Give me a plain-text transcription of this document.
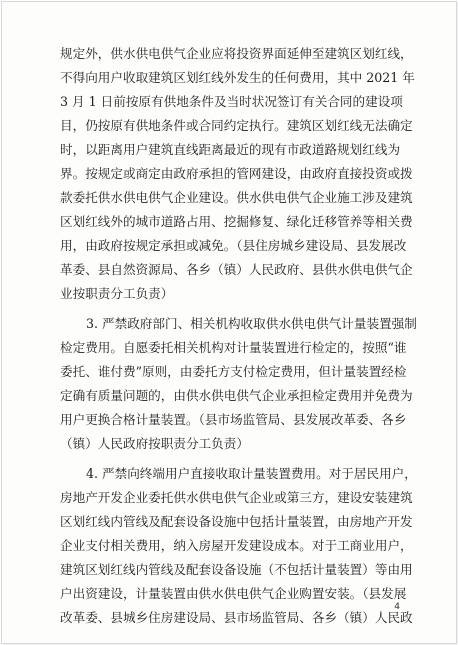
规定外，供水供电供气企业应将投资界面延伸至建筑区划红线，
不得向用户收取建筑区划红线外发生的任何费用，其中 2021 年
3 月 1 日前按原有供地条件及当时状况签订有关合同的建设项
目，仍按原有供地条件或合同约定执行。建筑区划红线无法确定
时，以距离用户建筑直线距离最近的现有市政道路规划红线为
界。按规定或商定由政府承担的管网建设，由政府直接投资或拨
款委托供水供电供气企业建设。供水供电供气企业施工涉及建筑
区划红线外的城市道路占用、挖掘修复、绿化迁移管养等相关费
用，由政府按规定承担或减免。（县住房城乡建设局、县发展改
革委、县自然资源局、各乡（镇）人民政府、县供水供电供气企
业按职责分工负责）
3. 严禁政府部门、相关机构收取供水供电供气计量装置强制
检定费用。自愿委托相关机构对计量装置进行检定的，按照“谁
委托、谁付费”原则，由委托方支付检定费用，但计量装置经检
定确有质量问题的，由供水供电供气企业承担检定费用并免费为
用户更换合格计量装置。（县市场监管局、县发展改革委、各乡
（镇）人民政府按职责分工负责）
4. 严禁向终端用户直接收取计量装置费用。对于居民用户，
房地产开发企业委托供水供电供气企业或第三方，建设安装建筑
区划红线内管线及配套设备设施中包括计量装置，由房地产开发
企业支付相关费用，纳入房屋开发建设成本。对于工商业用户，
建筑区划红线内管线及配套设备设施（不包括计量装置）等由用
户出资建设，计量装置由供水供电供气企业购置安装。（县发展
改革委、县城乡住房建设局、县市场监管局、各乡（镇）人民政
4
